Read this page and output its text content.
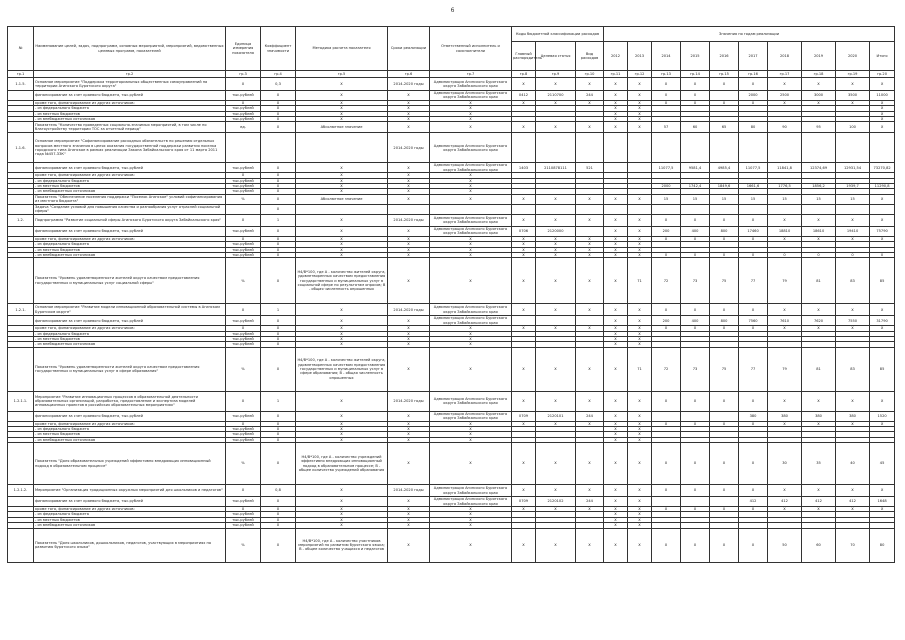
6
№	Наименование целей, задач, подпрограмм, основных мероприятий, мероприятий, ведомственных целевых программ, показателей	Единица измерения показателя	Коэффициент значимости	Методика расчета показателя	Сроки реализации	Ответственный исполнитель и соисполнители	Коды бюджетной классификации расходов			Значения по годам реализации									
							Главный распорядитель	Целевая статья	Вид расходов	2012	2013	2014	2015	2016	2017	2018	2019	2020	Итого
гр.1	гр.2	гр.3	гр.4	гр.5	гр.6	гр.7	гр.8	гр.9	гр.10	гр.11	гр.12	гр.13	гр.14	гр.15	гр.16	гр.17	гр.18	гр.19	гр.20
1.1.5.	Основное мероприятие "Поддержка территориальных общественных самоуправлений на территории Агинского Бурятского округа"	Х	0,3	Х	2014-2020 годы	Администрация Агинского Бурятского округа Забайкальского края	Х	Х	Х	Х	Х	Х	Х	Х	Х	Х	Х	Х	Х
	финансирование за счет краевого бюджета, тыс.рублей	тыс.рублей	Х	Х	Х	Администрация Агинского Бурятского округа Забайкальского края	0412	2110700	244	Х	Х	0	0		2000	2500	3000	3500	11000
	кроме того, финансирование из других источников:	Х	Х	Х	Х	Х	Х	Х	Х	Х	Х	Х	Х	Х	Х	Х	Х	Х	Х
	- из федерального бюджета	тыс.рублей	Х	Х	Х	Х				Х	Х								Х
	- из местных бюджетов	тыс.рублей	Х	Х	Х	Х				Х	Х								Х
	- из внебюджетных источников	тыс.рублей	Х	Х	Х	Х				Х	Х								Х
	Показатель "Количество проведенных социально-значимых мероприятий, в том числе по благоустройству территории ТОС за отчетный период"	ед.	Х	Абсолютное значение	Х	Х	Х	Х	Х	Х	Х	57	60	65	80	90	95	100	Х
1.1.6.	Основное мероприятие "Софинансирование расходных обязательств по решению отдельных вопросов местного значения в целях оказания государственной поддержки развития поселка городского типа Агинское в рамках реализации Закона Забайкальского края от 11 марта 2011 года №457-ЗЗК"				2014-2020 годы	Администрация Агинского Бурятского округа Забайкальского края													
	финансирование за счет краевого бюджета, тыс.рублей	тыс.рублей	Х	Х	Х	Администрация Агинского Бурятского округа Забайкальского края	1403	2110878111	521			11077,5	9581,4	4985,4	11077,5	11841,8	12374,69	12931,54	73270,82
	кроме того, финансирование из других источников:	Х	Х	Х	Х	Х													
	- из федерального бюджета	тыс.рублей	Х	Х	Х	Х													
	- из местных бюджетов	тыс.рублей	Х	Х	Х	Х						2000	1742,4	1849,6	1661,6	1776,5	1856,2	1939,7	11290,8
	- из внебюджетных источников	тыс.рублей	Х	Х	Х	Х													
	Показатель "Обеспечение поселения поддержки "Поселок Агинское" условий софинансирования из местного бюджета"	%	Х	Абсолютное значение	Х	Х	Х	Х	Х	Х	Х	15	15	15	15	15	15	15	Х
	Задача "Создание условий для повышения качества и разнообразия услуг отраслей социальной сферы"		Х																
1.2.	Подпрограмма "Развитие социальной сферы Агинского Бурятского округа Забайкальского края"	Х	1	Х	2014-2020 годы	Администрация Агинского Бурятского округа Забайкальского края	Х	Х	Х	Х	Х	Х	Х	Х	Х	Х	Х	Х	Х
	финансирование за счет краевого бюджета, тыс.рублей	тыс.рублей	Х	Х	Х	Администрация Агинского Бурятского округа Забайкальского края	0706	2120000		Х	Х	200	400	800	17460	18810	18610	19410	75790
	кроме того, финансирование из других источников:	Х	Х	Х	Х	Х	Х	Х	Х	Х	Х	Х	Х	Х	Х	Х	Х	Х	Х
	- из федерального бюджета	тыс.рублей	Х	Х	Х	Х	Х	Х	Х	Х	Х								
	- из местных бюджетов	тыс.рублей	Х	Х	Х	Х	Х	Х	Х	Х	Х								
	- из внебюджетных источников	тыс.рублей	Х	Х	Х	Х	Х	Х	Х	Х	Х	0	0	0	0	0	0	0	0
	Показатель "Уровень удовлетворенности жителей округа качеством предоставления государственных и муниципальных услуг социальной сферы"	%	Х	Н4/В*100, где А - количество жителей округа, удовлетворенных качеством предоставления государственных и муниципальных услуг в социальной сфере по результатам опросов; В - общая численность опрошенных	Х	Х	Х	Х	Х	Х	71	72	73	75	77	79	81	83	85
1.2.1.	Основное мероприятие "Развитие модели инновационной образовательной системы в Агинском Бурятском округе"	Х	1	Х	2014-2020 годы	Администрация Агинского Бурятского округа Забайкальского края	Х	Х	Х	Х	Х	Х	Х	Х	Х	Х	Х	Х	Х
	финансирование за счет краевого бюджета, тыс.рублей	тыс.рублей	Х	Х	Х	Администрация Агинского Бурятского округа Забайкальского края				Х	Х	200	400	800	7560	7610	7620	7550	31790
	кроме того, финансирование из других источников:	Х	Х	Х	Х	Х	Х	Х	Х	Х	Х	Х	Х	Х	Х	Х	Х	Х	Х
	- из федерального бюджета	тыс.рублей	Х	Х	Х	Х				Х	Х								
	- из местных бюджетов	тыс.рублей	Х	Х	Х	Х				Х	Х								
	- из внебюджетных источников	тыс.рублей	Х	Х	Х	Х				Х	Х								
	Показатель "Уровень удовлетворенности жителей округа качеством предоставления государственных и муниципальных услуг в сфере образования"	%	Х	Н4/В*100, где А - количество жителей округа, удовлетворенных качеством предоставления государственных и муниципальных услуг в сфере образования; В - общая численность опрошенных	Х	Х	Х	Х	Х	Х	71	72	73	75	77	79	81	83	85
1.2.1.1.	Мероприятие "Развитие инновационных процессов в образовательной деятельности образовательных организаций, разработка, предоставление и экспертиза моделей инновационных проектов в российских образовательных мероприятиях"	Х	1	Х	2014-2020 годы	Администрация Агинского Бурятского округа Забайкальского края	Х	Х	Х	Х	Х	Х	Х	Х	Х	Х	Х	Х	Х
	финансирование за счет краевого бюджета, тыс.рублей	тыс.рублей	Х	Х	Х	Администрация Агинского Бурятского округа Забайкальского края	0709	2120101	244	Х	Х				380	380	380	380	1520
	кроме того, финансирование из других источников:	Х	Х	Х	Х	Х	Х	Х	Х	Х	Х	Х	Х	Х	Х	Х	Х	Х	Х
	- из федерального бюджета	тыс.рублей	Х	Х	Х	Х				Х	Х								
	- из местных бюджетов	тыс.рублей	Х	Х	Х	Х				Х	Х								
	- из внебюджетных источников	тыс.рублей	Х	Х	Х	Х				Х	Х								
	Показатель "Доля образовательных учреждений эффективно внедряющих инновационный подход в образовательном процессе"	%	Х	Н4/В*100, где А - количество учреждений эффективно внедряющих инновационный подход в образовательном процессе; В - общее количество учреждений образования	Х	Х	Х	Х	Х	Х	Х	Х	Х	Х	Х	30	35	40	45
1.2.1.2.	Мероприятие "Организация традиционных окружных мероприятий для школьников и педагогов"	Х	0,8	Х	2014-2020 годы	Администрация Агинского Бурятского округа Забайкальского края	Х	Х	Х	Х	Х	Х	Х	Х	Х	Х	Х	Х	Х
	финансирование за счет краевого бюджета, тыс.рублей	тыс.рублей	Х	Х	Х	Администрация Агинского Бурятского округа Забайкальского края	0709	2120102	244	Х	Х				412	412	412	412	1648
	кроме того, финансирование из других источников:	Х	Х	Х	Х	Х	Х	Х	Х	Х	Х	Х	Х	Х	Х	Х	Х	Х	Х
	- из федерального бюджета	тыс.рублей	Х	Х	Х	Х				Х	Х								
	- из местных бюджетов	тыс.рублей	Х	Х	Х	Х				Х	Х								
	- из внебюджетных источников	тыс.рублей	Х	Х	Х	Х				Х	Х								
	Показатель "Доля школьников, дошкольников, педагогов, участвующих в мероприятиях по развитию бурятского языка"	%	Х	Н4/В*100, где А - количество участников мероприятий по развитию бурятского языка; В - общее количество учащихся и педагогов	Х	Х	Х	Х	Х	Х	Х	Х	Х	Х	Х	50	60	70	80
